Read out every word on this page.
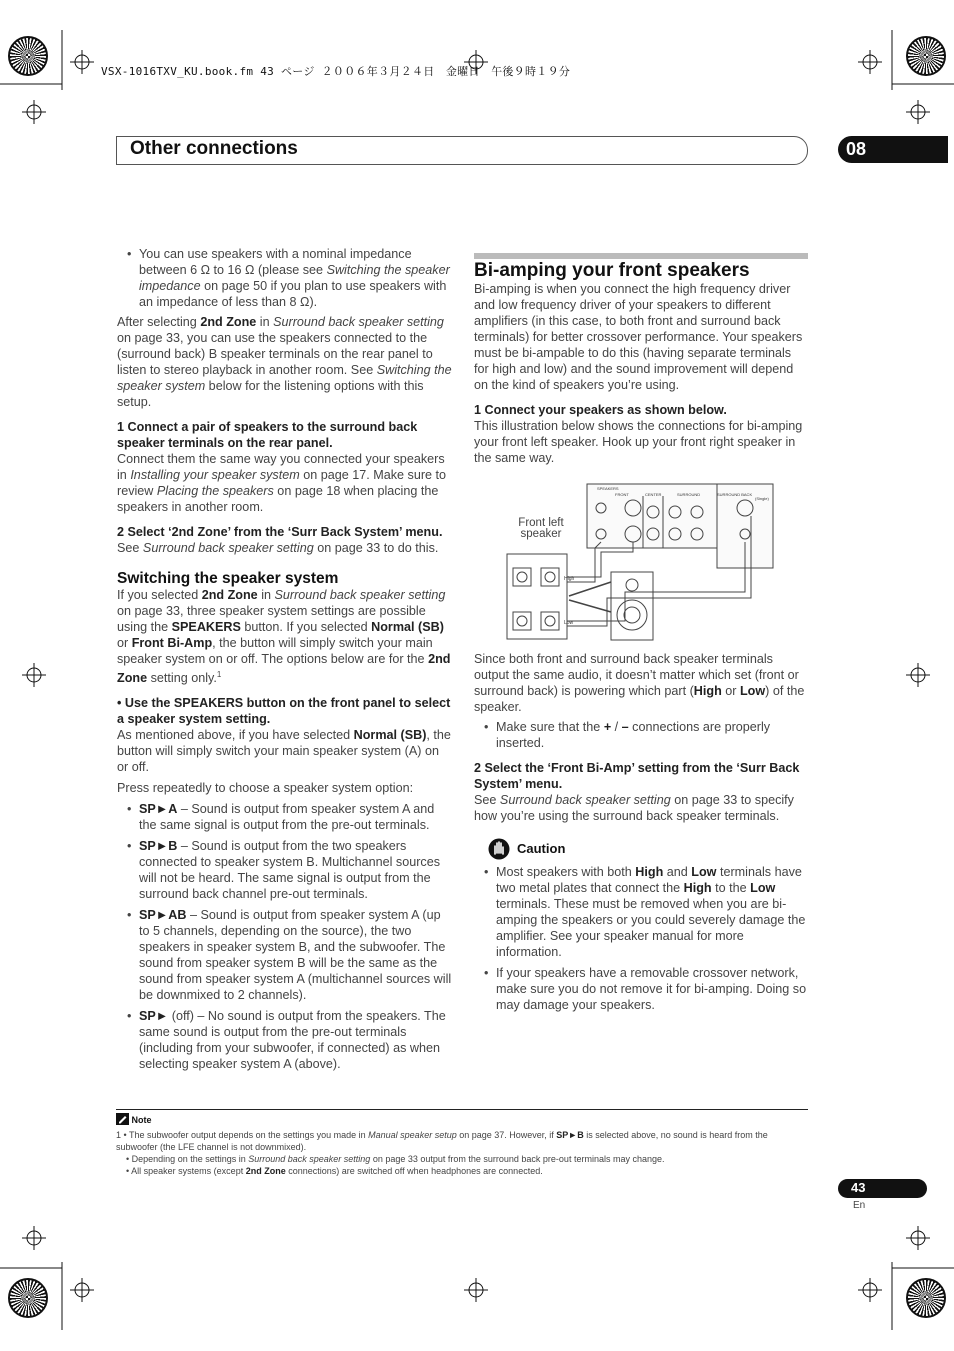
VSX-1016TXV_KU.book.fm 43 ページ ２００６年３月２４日　金曜日　午後９時１９分
Other connections	08

• You can use speakers with a nominal impedance between 6 Ω to 16 Ω (please see Switching the speaker impedance on page 50 if you plan to use speakers with an impedance of less than 8 Ω).

After selecting 2nd Zone in Surround back speaker setting on page 33, you can use the speakers connected to the (surround back) B speaker terminals on the rear panel to listen to stereo playback in another room. See Switching the speaker system below for the listening options with this setup.

1 Connect a pair of speakers to the surround back speaker terminals on the rear panel.

Connect them the same way you connected your speakers in Installing your speaker system on page 17. Make sure to review Placing the speakers on page 18 when placing the speakers in another room.

2 Select ‘2nd Zone’ from the ‘Surr Back System’ menu.

See Surround back speaker setting on page 33 to do this.

Switching the speaker system

If you selected 2nd Zone in Surround back speaker setting on page 33, three speaker system settings are possible using the SPEAKERS button. If you selected Normal (SB) or Front Bi-Amp, the button will simply switch your main speaker system on or off. The options below are for the 2nd Zone setting only.$^1$

• Use the SPEAKERS button on the front panel to select a speaker system setting.

As mentioned above, if you have selected Normal (SB), the button will simply switch your main speaker system (A) on or off.

Press repeatedly to choose a speaker system option:

• SP►A – Sound is output from speaker system A and the same signal is output from the pre-out terminals.

• SP►B – Sound is output from the two speakers connected to speaker system B. Multichannel sources will not be heard. The same signal is output from the surround back channel pre-out terminals.

• SP►AB – Sound is output from speaker system A (up to 5 channels, depending on the source), the two speakers in speaker system B, and the subwoofer. The sound from speaker system B will be the same as the sound from speaker system A (multichannel sources will be downmixed to 2 channels).

• SP► (off) – No sound is output from the speakers. The same sound is output from the pre-out terminals (including from your subwoofer, if connected) as when selecting speaker system A (above).

Bi-amping your front speakers

Bi-amping is when you connect the high frequency driver and low frequency driver of your speakers to different amplifiers (in this case, to both front and surround back terminals) for better crossover performance. Your speakers must be bi-ampable to do this (having separate terminals for high and low) and the sound improvement will depend on the kind of speakers you’re using.

1 Connect your speakers as shown below.

This illustration below shows the connections for bi-amping your front left speaker. Hook up your front right speaker in the same way.

SPEAKERS
FRONT	CENTER	SURROUND	SURROUND BACK
(Single)
High
Low
Front left
speaker

Since both front and surround back speaker terminals output the same audio, it doesn’t matter which set (front or surround back) is powering which part (High or Low) of the speaker.

• Make sure that the + / – connections are properly inserted.

2 Select the ‘Front Bi-Amp’ setting from the ‘Surr Back System’ menu.

See Surround back speaker setting on page 33 to specify how you’re using the surround back speaker terminals.

Caution

• Most speakers with both High and Low terminals have two metal plates that connect the High to the Low terminals. These must be removed when you are bi-amping the speakers or you could severely damage the amplifier. See your speaker manual for more information.

• If your speakers have a removable crossover network, make sure you do not remove it for bi-amping. Doing so may damage your speakers.

Note
1 • The subwoofer output depends on the settings you made in Manual speaker setup on page 37. However, if SP►B is selected above, no sound is heard from the subwoofer (the LFE channel is not downmixed).
• Depending on the settings in Surround back speaker setting on page 33 output from the surround back pre-out terminals may change.
• All speaker systems (except 2nd Zone connections) are switched off when headphones are connected.
43
En
